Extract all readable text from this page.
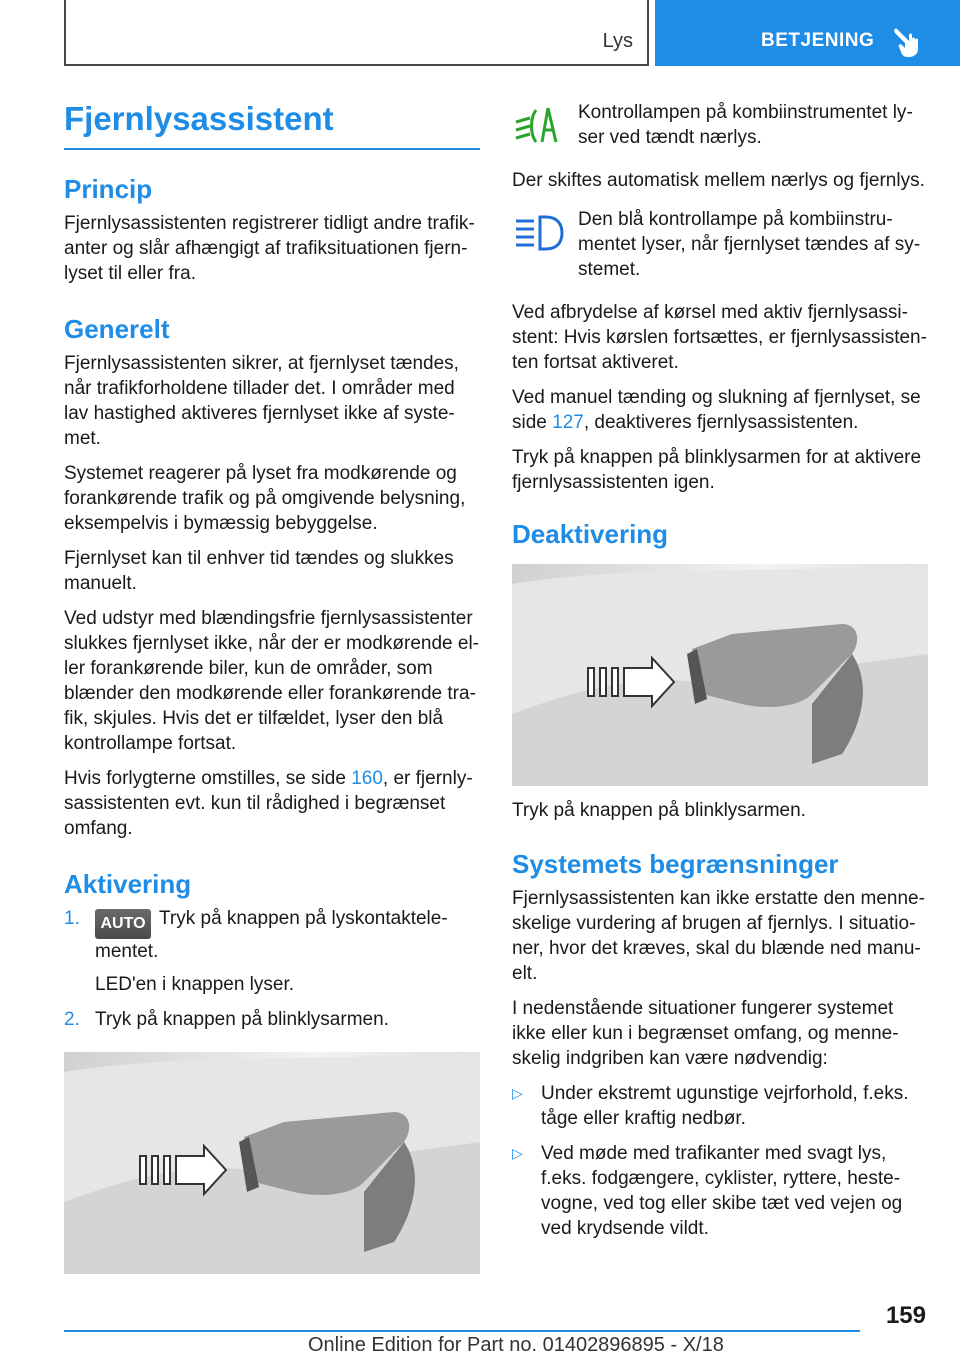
Lys	BETJENING
Fjernlysassistent
Princip

Fjernlysassistenten registrerer tidligt andre trafikanter og slår afhængigt af trafiksituationen fjernlyset til eller fra.

Generelt

Fjernlysassistenten sikrer, at fjernlyset tændes, når trafikforholdene tillader det. I områder med lav hastighed aktiveres fjernlyset ikke af systemet.

Systemet reagerer på lyset fra modkørende og forankørende trafik og på omgivende belysning, eksempelvis i bymæssig bebyggelse.

Fjernlyset kan til enhver tid tændes og slukkes manuelt.

Ved udstyr med blændingsfrie fjernlysassistenter slukkes fjernlyset ikke, når der er modkørende eller forankørende biler, kun de områder, som blænder den modkørende eller forankørende trafik, skjules. Hvis det er tilfældet, lyser den blå kontrollampe fortsat.

Hvis forlygterne omstilles, se side 160, er fjernlysassistenten evt. kun til rådighed i begrænset omfang.

Aktivering
1. AUTO Tryk på knappen på lyskontaktelementet.
LED'en i knappen lyser.
2. Tryk på knappen på blinklysarmen.
Kontrollampen på kombiinstrumentet lyser ved tændt nærlys.

Der skiftes automatisk mellem nærlys og fjernlys.

Den blå kontrollampe på kombiinstrumentet lyser, når fjernlyset tændes af systemet.

Ved afbrydelse af kørsel med aktiv fjernlysassistent: Hvis kørslen fortsættes, er fjernlysassistenten fortsat aktiveret.

Ved manuel tænding og slukning af fjernlyset, se side 127, deaktiveres fjernlysassistenten.

Tryk på knappen på blinklysarmen for at aktivere fjernlysassistenten igen.

Deaktivering

Tryk på knappen på blinklysarmen.

Systemets begrænsninger

Fjernlysassistenten kan ikke erstatte den menneskelige vurdering af brugen af fjernlys. I situationer, hvor det kræves, skal du blænde ned manuelt.

I nedenstående situationer fungerer systemet ikke eller kun i begrænset omfang, og menneskelig indgriben kan være nødvendig:

▷ Under ekstremt ugunstige vejrforhold, f.eks. tåge eller kraftig nedbør.
▷ Ved møde med trafikanter med svagt lys, f.eks. fodgængere, cyklister, ryttere, hestevogne, ved tog eller skibe tæt ved vejen og ved krydsende vildt.
159
Online Edition for Part no. 01402896895 - X/18
